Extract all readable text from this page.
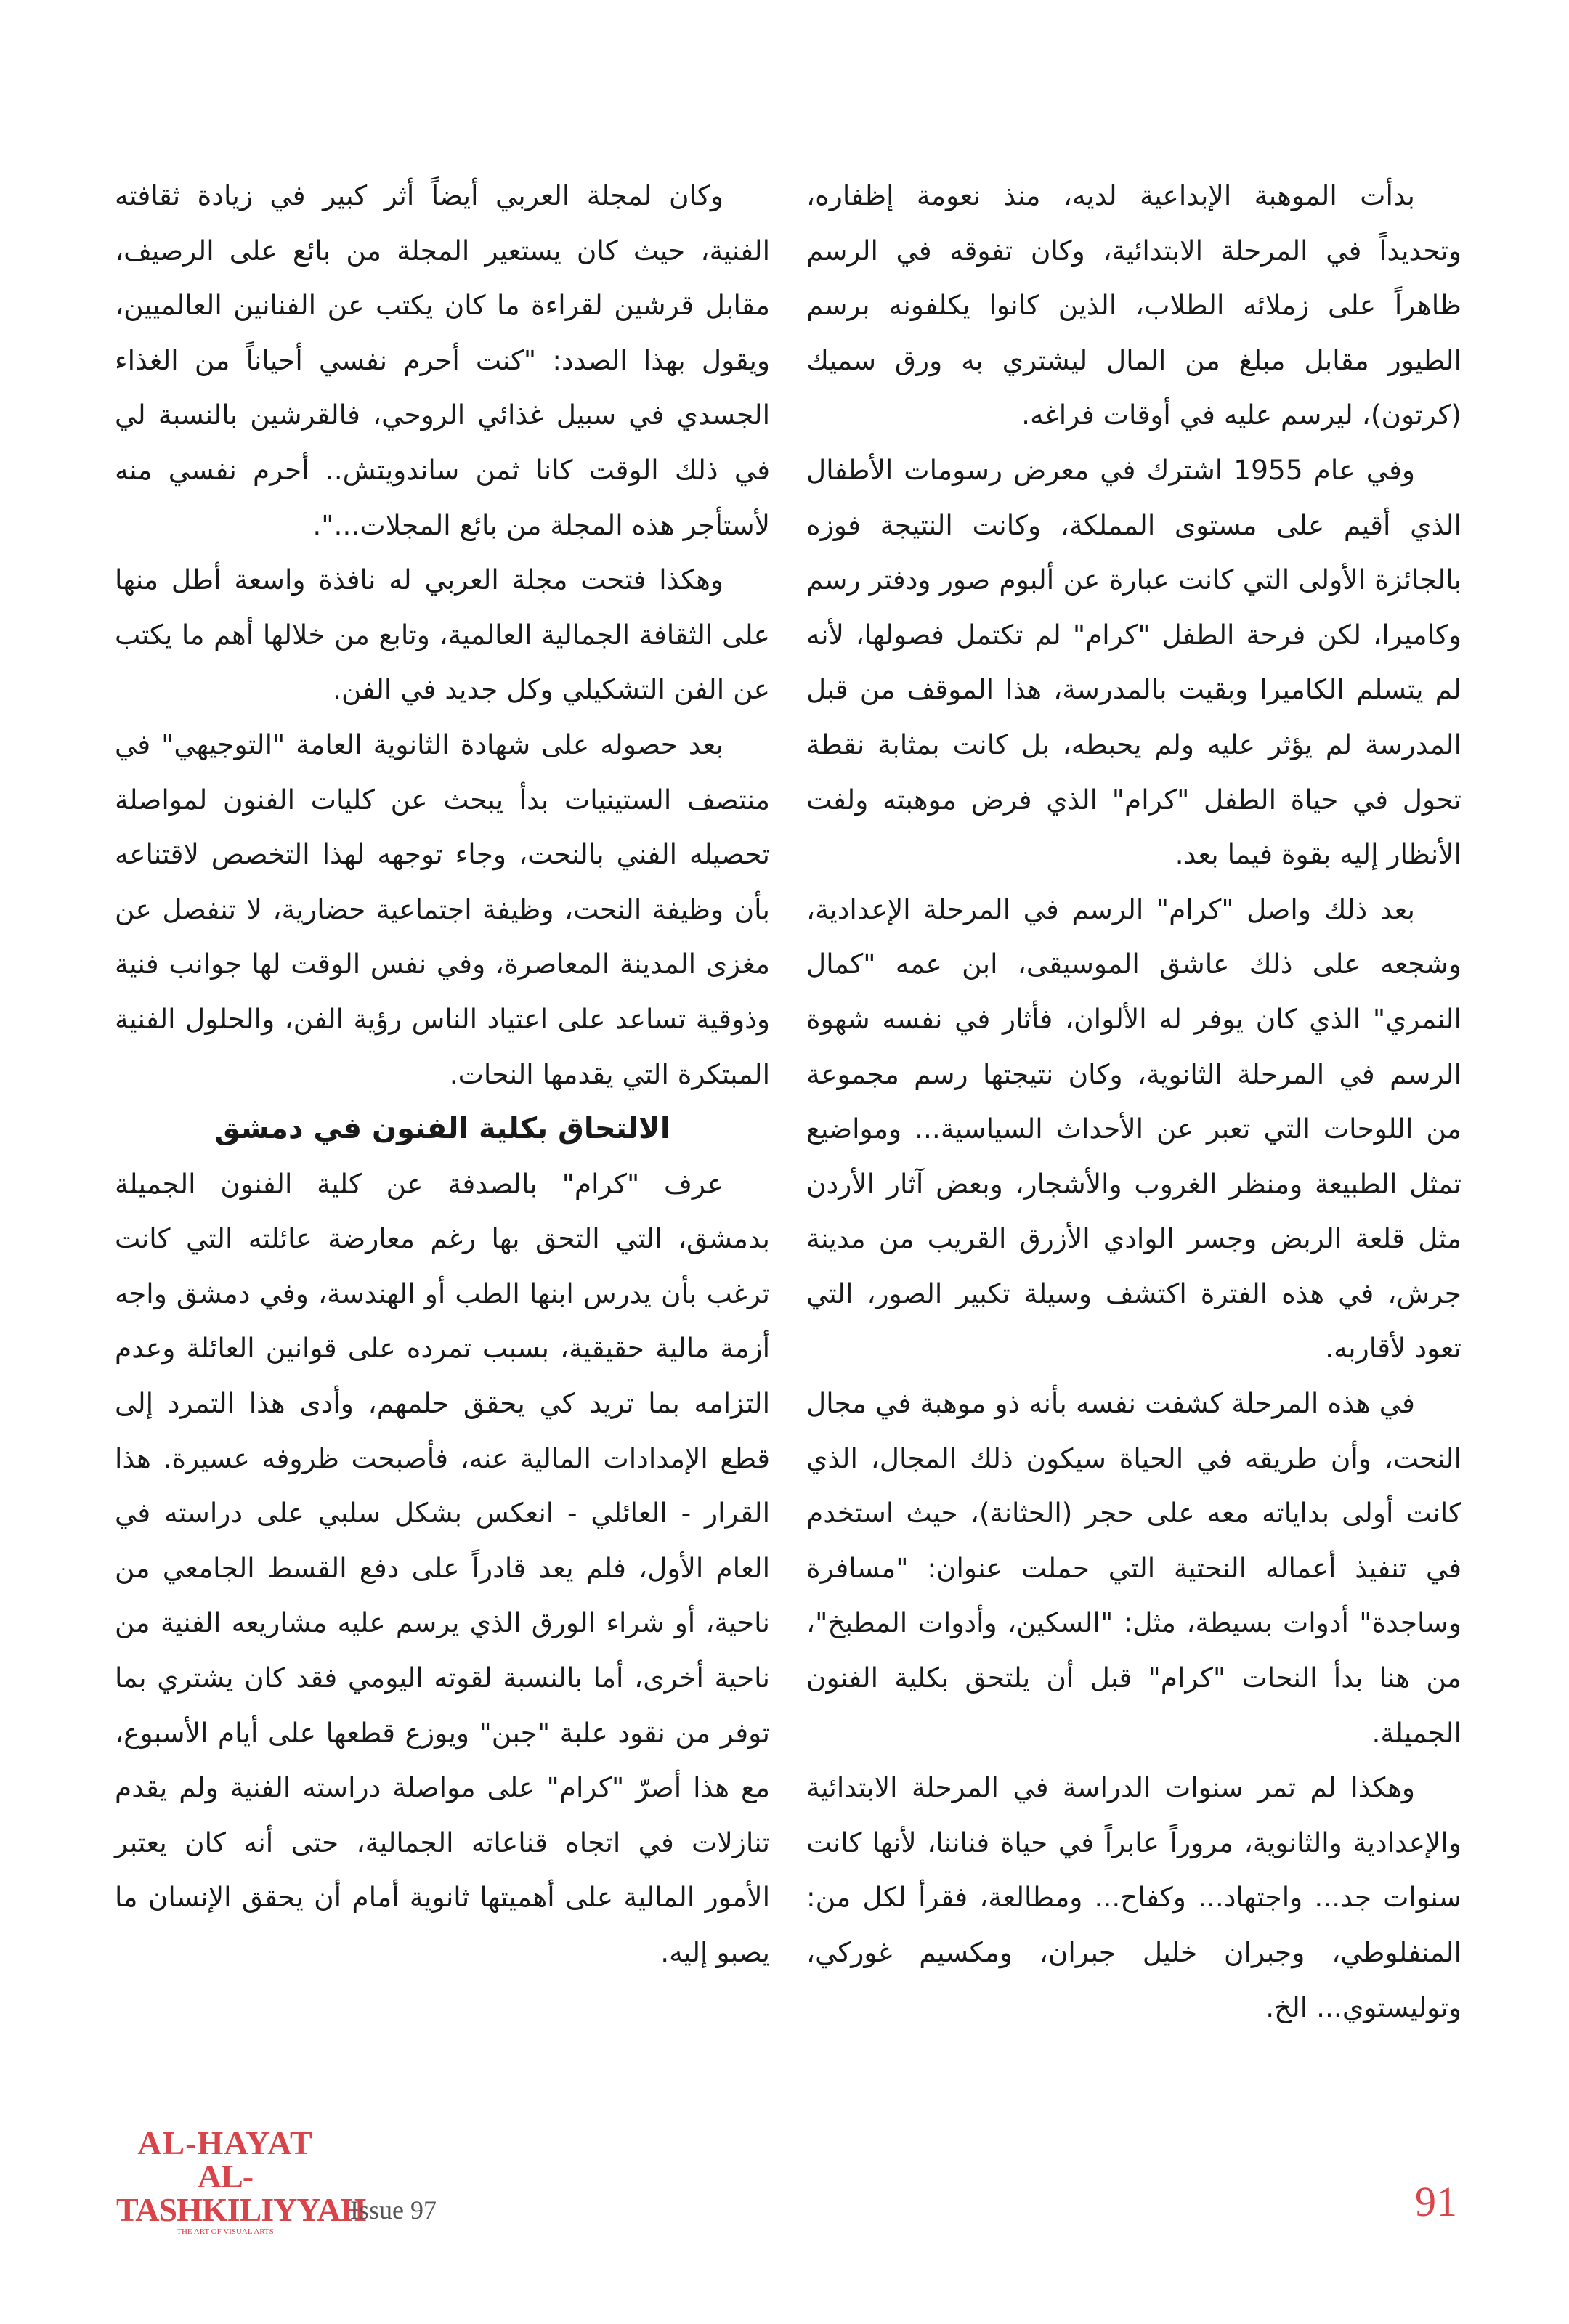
بدأت الموهبة الإبداعية لديه، منذ نعومة إظفاره، وتحديداً في المرحلة الابتدائية، وكان تفوقه في الرسم ظاهراً على زملائه الطلاب، الذين كانوا يكلفونه برسم الطيور مقابل مبلغ من المال ليشتري به ورق سميك (كرتون)، ليرسم عليه في أوقات فراغه.

وفي عام 1955 اشترك في معرض رسومات الأطفال الذي أقيم على مستوى المملكة، وكانت النتيجة فوزه بالجائزة الأولى التي كانت عبارة عن ألبوم صور ودفتر رسم وكاميرا، لكن فرحة الطفل "كرام" لم تكتمل فصولها، لأنه لم يتسلم الكاميرا وبقيت بالمدرسة، هذا الموقف من قبل المدرسة لم يؤثر عليه ولم يحبطه، بل كانت بمثابة نقطة تحول في حياة الطفل "كرام" الذي فرض موهبته ولفت الأنظار إليه بقوة فيما بعد.

بعد ذلك واصل "كرام" الرسم في المرحلة الإعدادية، وشجعه على ذلك عاشق الموسيقى، ابن عمه "كمال النمري" الذي كان يوفر له الألوان، فأثار في نفسه شهوة الرسم في المرحلة الثانوية، وكان نتيجتها رسم مجموعة من اللوحات التي تعبر عن الأحداث السياسية... ومواضيع تمثل الطبيعة ومنظر الغروب والأشجار، وبعض آثار الأردن مثل قلعة الربض وجسر الوادي الأزرق القريب من مدينة جرش، في هذه الفترة اكتشف وسيلة تكبير الصور، التي تعود لأقاربه.

في هذه المرحلة كشفت نفسه بأنه ذو موهبة في مجال النحت، وأن طريقه في الحياة سيكون ذلك المجال، الذي كانت أولى بداياته معه على حجر (الحثانة)، حيث استخدم في تنفيذ أعماله النحتية التي حملت عنوان: "مسافرة وساجدة" أدوات بسيطة، مثل: "السكين، وأدوات المطبخ"، من هنا بدأ النحات "كرام" قبل أن يلتحق بكلية الفنون الجميلة.

وهكذا لم تمر سنوات الدراسة في المرحلة الابتدائية والإعدادية والثانوية، مروراً عابراً في حياة فناننا، لأنها كانت سنوات جد... واجتهاد... وكفاح... ومطالعة، فقرأ لكل من: المنفلوطي، وجبران خليل جبران، ومكسيم غوركي، وتوليستوي... الخ.

وكان لمجلة العربي أيضاً أثر كبير في زيادة ثقافته الفنية، حيث كان يستعير المجلة من بائع على الرصيف، مقابل قرشين لقراءة ما كان يكتب عن الفنانين العالميين، ويقول بهذا الصدد: "كنت أحرم نفسي أحياناً من الغذاء الجسدي في سبيل غذائي الروحي، فالقرشين بالنسبة لي في ذلك الوقت كانا ثمن ساندويتش.. أحرم نفسي منه لأستأجر هذه المجلة من بائع المجلات...".

وهكذا فتحت مجلة العربي له نافذة واسعة أطل منها على الثقافة الجمالية العالمية، وتابع من خلالها أهم ما يكتب عن الفن التشكيلي وكل جديد في الفن.

بعد حصوله على شهادة الثانوية العامة "التوجيهي" في منتصف الستينيات بدأ يبحث عن كليات الفنون لمواصلة تحصيله الفني بالنحت، وجاء توجهه لهذا التخصص لاقتناعه بأن وظيفة النحت، وظيفة اجتماعية حضارية، لا تنفصل عن مغزى المدينة المعاصرة، وفي نفس الوقت لها جوانب فنية وذوقية تساعد على اعتياد الناس رؤية الفن، والحلول الفنية المبتكرة التي يقدمها النحات.

الالتحاق بكلية الفنون في دمشق

عرف "كرام" بالصدفة عن كلية الفنون الجميلة بدمشق، التي التحق بها رغم معارضة عائلته التي كانت ترغب بأن يدرس ابنها الطب أو الهندسة، وفي دمشق واجه أزمة مالية حقيقية، بسبب تمرده على قوانين العائلة وعدم التزامه بما تريد كي يحقق حلمهم، وأدى هذا التمرد إلى قطع الإمدادات المالية عنه، فأصبحت ظروفه عسيرة. هذا القرار - العائلي - انعكس بشكل سلبي على دراسته في العام الأول، فلم يعد قادراً على دفع القسط الجامعي من ناحية، أو شراء الورق الذي يرسم عليه مشاريعه الفنية من ناحية أخرى، أما بالنسبة لقوته اليومي فقد كان يشتري بما توفر من نقود علبة "جبن" ويوزع قطعها على أيام الأسبوع، مع هذا أصرّ "كرام" على مواصلة دراسته الفنية ولم يقدم تنازلات في اتجاه قناعاته الجمالية، حتى أنه كان يعتبر الأمور المالية على أهميتها ثانوية أمام أن يحقق الإنسان ما يصبو إليه.

AL-HAYAT
AL-TASHKILIYYAH
THE ART OF VISUAL ARTS
Issue 97	91
